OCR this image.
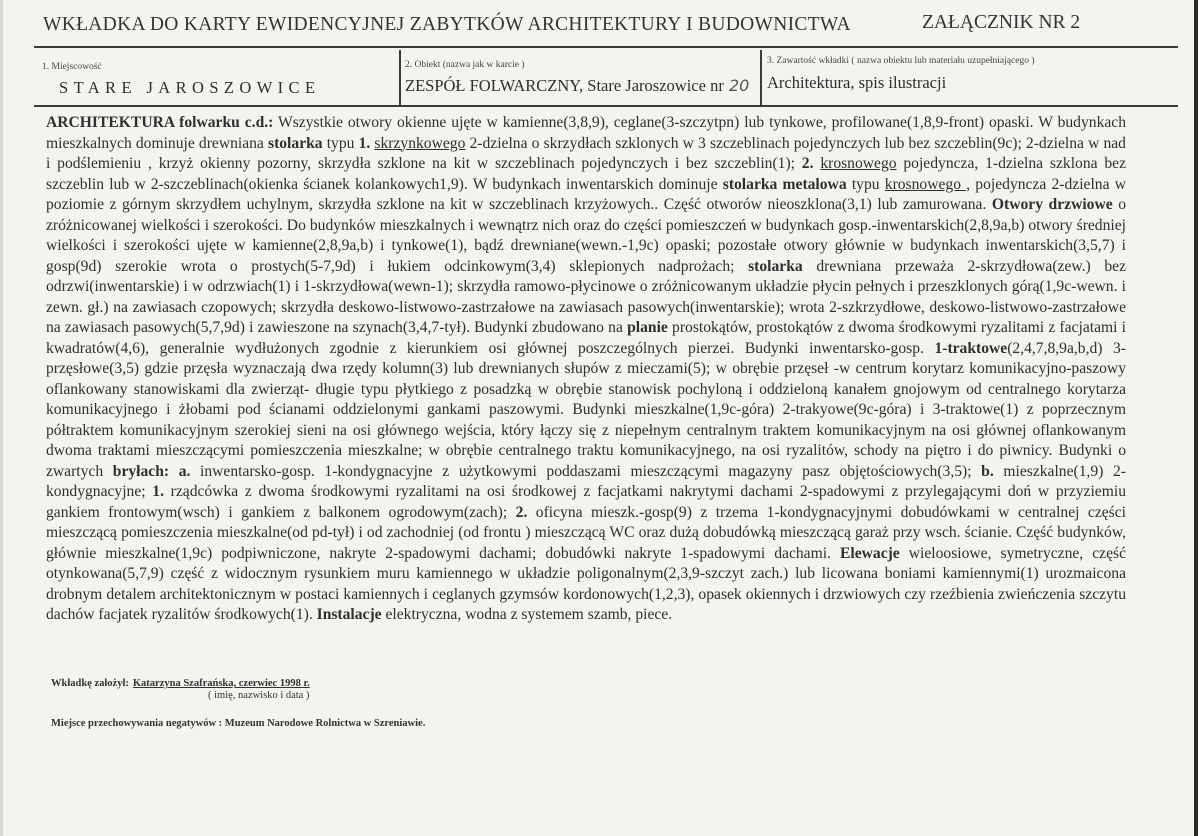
WKŁADKA DO KARTY EWIDENCYJNEJ ZABYTKÓW ARCHITEKTURY I BUDOWNICTWA	ZAŁĄCZNIK NR 2
1. Miejscowość
STARE JAROSZOWICE
2. Obiekt (nazwa jak w karcie )
ZESPÓŁ FOLWARCZNY, Stare Jaroszowice nr 20
3. Zawartość wkładki ( nazwa obiektu lub materiału uzupełniającego )
Architektura, spis ilustracji
ARCHITEKTURA folwarku c.d.: Wszystkie otwory okienne ujęte w kamienne(3,8,9), ceglane(3-szczytpn) lub tynkowe, profilowane(1,8,9-front) opaski. W budynkach mieszkalnych dominuje drewniana stolarka typu 1. skrzynkowego 2-dzielna o skrzydłach szklonych w 3 szczeblinach pojedynczych lub bez szczeblin(9c); 2-dzielna w nad i podślemieniu , krzyż okienny pozorny, skrzydła szklone na kit w szczeblinach pojedynczych i bez szczeblin(1); 2. krosnowego pojedyncza, 1-dzielna szklona bez szczeblin lub w 2-szczeblinach(okienka ścianek kolankowych1,9). W budynkach inwentarskich dominuje stolarka metalowa typu krosnowego , pojedyncza 2-dzielna w poziomie z górnym skrzydłem uchylnym, skrzydła szklone na kit w szczeblinach krzyżowych.. Część otworów nieoszklona(3,1) lub zamurowana. Otwory drzwiowe o zróżnicowanej wielkości i szerokości. Do budynków mieszkalnych i wewnątrz nich oraz do części pomieszczeń w budynkach gosp.-inwentarskich(2,8,9a,b) otwory średniej wielkości i szerokości ujęte w kamienne(2,8,9a,b) i tynkowe(1), bądź drewniane(wewn.-1,9c) opaski; pozostałe otwory głównie w budynkach inwentarskich(3,5,7) i gosp(9d) szerokie wrota o prostych(5-7,9d) i łukiem odcinkowym(3,4) sklepionych nadprożach; stolarka drewniana przeważa 2-skrzydłowa(zew.) bez odrzwi(inwentarskie) i w odrzwiach(1) i 1-skrzydłowa(wewn-1); skrzydła ramowo-płycinowe o zróżnicowanym układzie płycin pełnych i przeszklonych górą(1,9c-wewn. i zewn. gł.) na zawiasach czopowych; skrzydła deskowo-listwowo-zastrzałowe na zawiasach pasowych(inwentarskie); wrota 2-szkrzydłowe, deskowo-listwowo-zastrzałowe na zawiasach pasowych(5,7,9d) i zawieszone na szynach(3,4,7-tył). Budynki zbudowano na planie prostokątów, prostokątów z dwoma środkowymi ryzalitami z facjatami i kwadratów(4,6), generalnie wydłużonych zgodnie z kierunkiem osi głównej poszczególnych pierzei. Budynki inwentarsko-gosp. 1-traktowe(2,4,7,8,9a,b,d) 3-przęsłowe(3,5) gdzie przęsła wyznaczają dwa rzędy kolumn(3) lub drewnianych słupów z mieczami(5); w obrębie przęseł -w centrum korytarz komunikacyjno-paszowy oflankowany stanowiskami dla zwierząt- długie typu płytkiego z posadzką w obrębie stanowisk pochyloną i oddzieloną kanałem gnojowym od centralnego korytarza komunikacyjnego i żłobami pod ścianami oddzielonymi gankami paszowymi. Budynki mieszkalne(1,9c-góra) 2-trakyowe(9c-góra) i 3-traktowe(1) z poprzecznym półtraktem komunikacyjnym szerokiej sieni na osi głównego wejścia, który łączy się z niepełnym centralnym traktem komunikacyjnym na osi głównej oflankowanym dwoma traktami mieszczącymi pomieszczenia mieszkalne; w obrębie centralnego traktu komunikacyjnego, na osi ryzalitów, schody na piętro i do piwnicy. Budynki o zwartych bryłach: a. inwentarsko-gosp. 1-kondygnacyjne z użytkowymi poddaszami mieszczącymi magazyny pasz objętościowych(3,5); b. mieszkalne(1,9) 2-kondygnacyjne; 1. rządcówka z dwoma środkowymi ryzalitami na osi środkowej z facjatkami nakrytymi dachami 2-spadowymi z przylegającymi doń w przyziemiu gankiem frontowym(wsch) i gankiem z balkonem ogrodowym(zach); 2. oficyna mieszk.-gosp(9) z trzema 1-kondygnacyjnymi dobudówkami w centralnej części mieszczącą pomieszczenia mieszkalne(od pd-tył) i od zachodniej (od frontu ) mieszczącą WC oraz dużą dobudówką mieszczącą garaż przy wsch. ścianie. Część budynków, głównie mieszkalne(1,9c) podpiwniczone, nakryte 2-spadowymi dachami; dobudówki nakryte 1-spadowymi dachami. Elewacje wieloosiowe, symetryczne, część otynkowana(5,7,9) część z widocznym rysunkiem muru kamiennego w układzie poligonalnym(2,3,9-szczyt zach.) lub licowana boniami kamiennymi(1) urozmaicona drobnym detalem architektonicznym w postaci kamiennych i ceglanych gzymsów kordonowych(1,2,3), opasek okiennych i drzwiowych czy rzeźbienia zwieńczenia szczytu dachów facjatek ryzalitów środkowych(1). Instalacje elektryczna, wodna z systemem szamb, piece.
Wkładkę założył: Katarzyna Szafrańska, czerwiec 1998 r.
( imię, nazwisko i data )
Miejsce przechowywania negatywów : Muzeum Narodowe Rolnictwa w Szreniawie.
